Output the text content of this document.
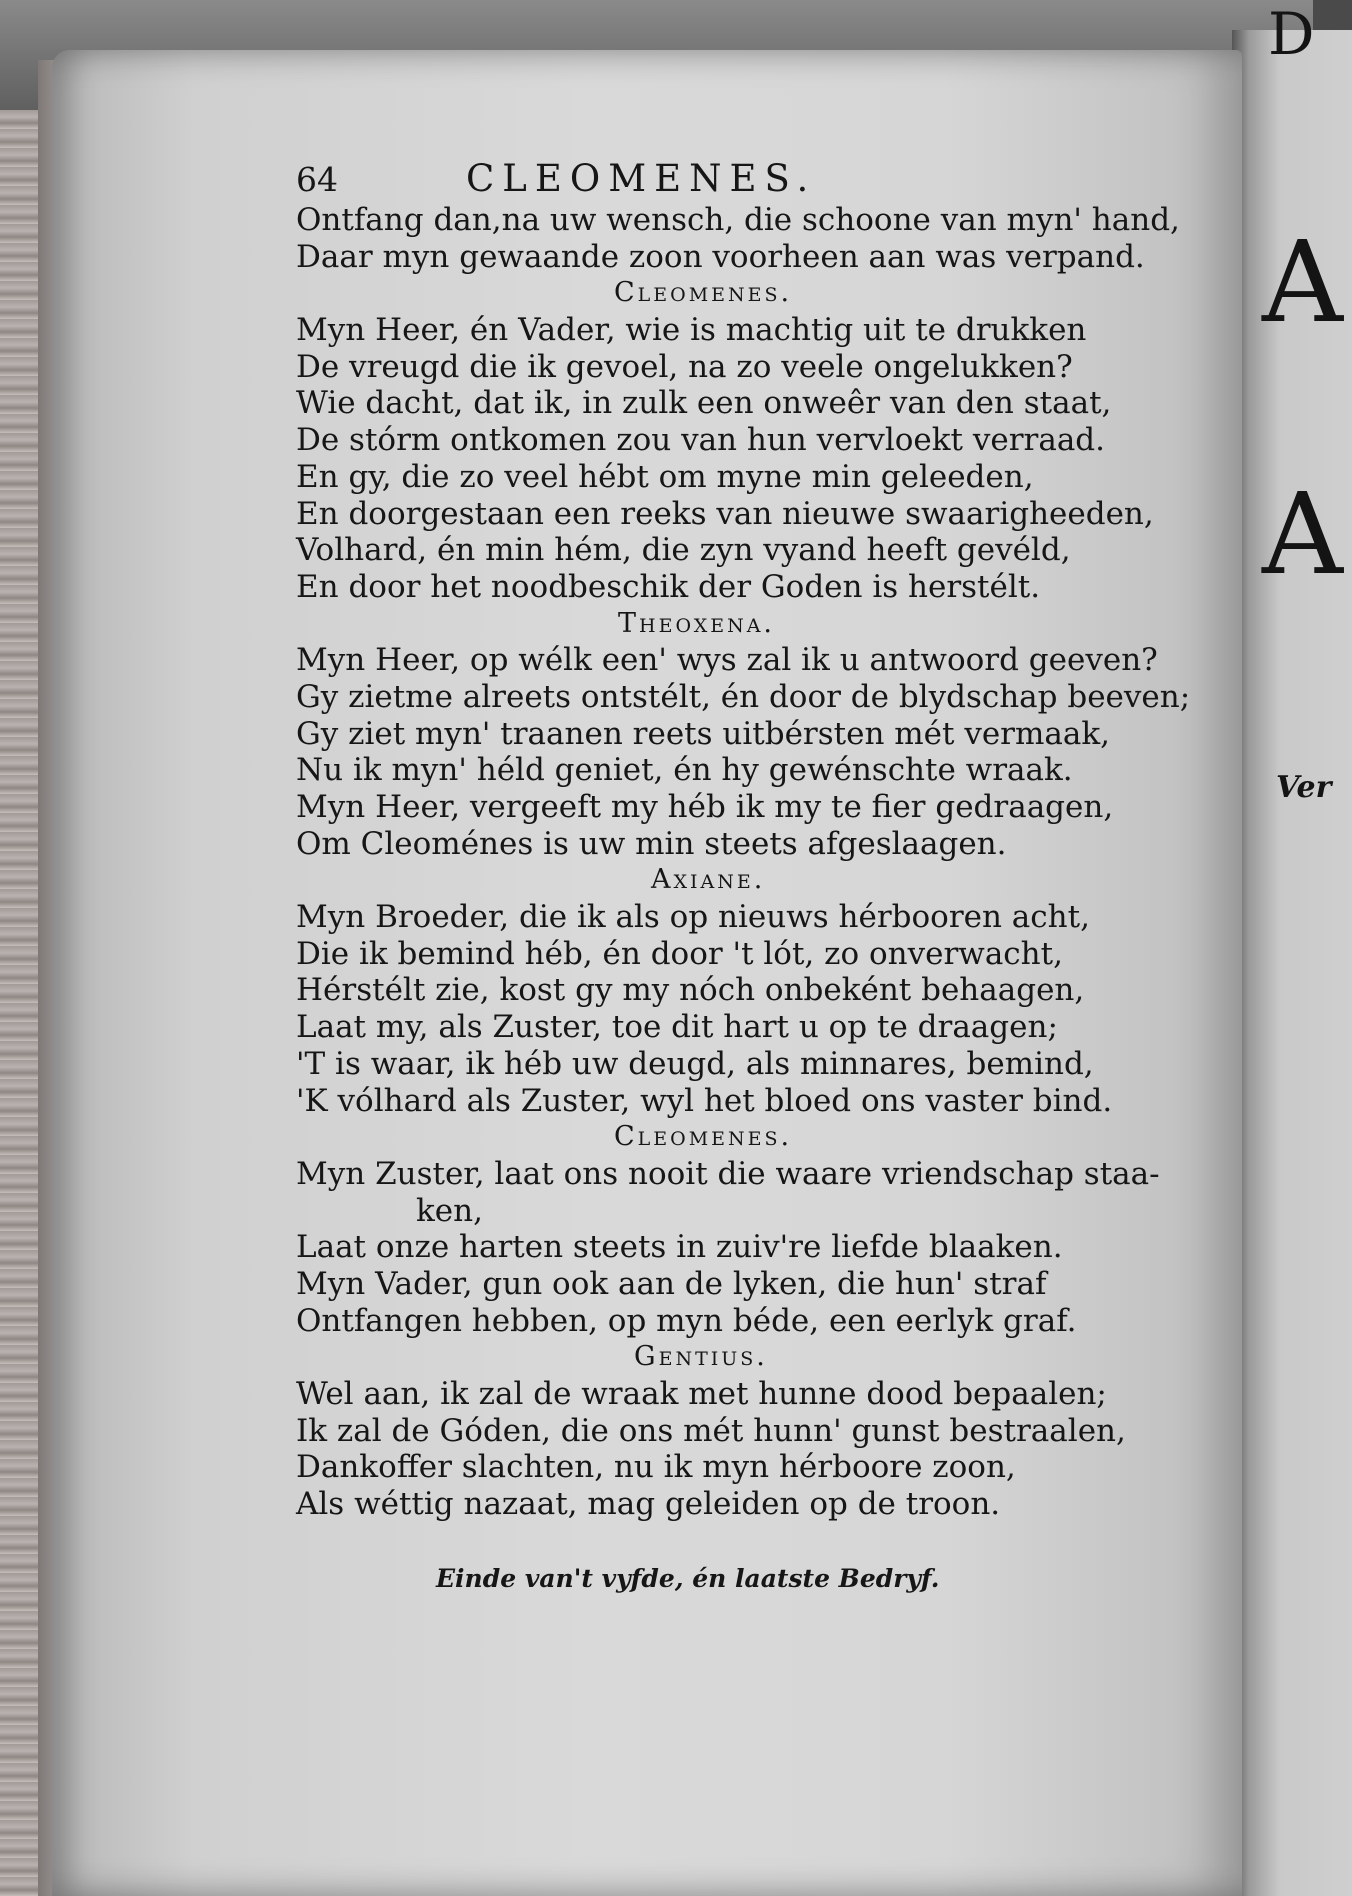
D
A
A
Ver
64	CLEOMENES.
Ontfang dan,na uw wensch, die schoone van myn' hand,
Daar myn gewaande zoon voorheen aan was verpand.
Cleomenes.
Myn Heer, én Vader, wie is machtig uit te drukken
De vreugd die ik gevoel, na zo veele ongelukken?
Wie dacht, dat ik, in zulk een onweêr van den staat,
De stórm ontkomen zou van hun vervloekt verraad.
En gy, die zo veel hébt om myne min geleeden,
En doorgestaan een reeks van nieuwe swaarigheeden,
Volhard, én min hém, die zyn vyand heeft gevéld,
En door het noodbeschik der Goden is herstélt.
Theoxena.
Myn Heer, op wélk een' wys zal ik u antwoord geeven?
Gy zietme alreets ontstélt, én door de blydschap beeven;
Gy ziet myn' traanen reets uitbérsten mét vermaak,
Nu ik myn' héld geniet, én hy gewénschte wraak.
Myn Heer, vergeeft my héb ik my te fier gedraagen,
Om Cleoménes is uw min steets afgeslaagen.
Axiane.
Myn Broeder, die ik als op nieuws hérbooren acht,
Die ik bemind héb, én door 't lót, zo onverwacht,
Hérstélt zie, kost gy my nóch onbeként behaagen,
Laat my, als Zuster, toe dit hart u op te draagen;
'T is waar, ik héb uw deugd, als minnares, bemind,
'K vólhard als Zuster, wyl het bloed ons vaster bind.
Cleomenes.
Myn Zuster, laat ons nooit die waare vriendschap staa-
ken,
Laat onze harten steets in zuiv're liefde blaaken.
Myn Vader, gun ook aan de lyken, die hun' straf
Ontfangen hebben, op myn béde, een eerlyk graf.
Gentius.
Wel aan, ik zal de wraak met hunne dood bepaalen;
Ik zal de Góden, die ons mét hunn' gunst bestraalen,
Dankoffer slachten, nu ik myn hérboore zoon,
Als wéttig nazaat, mag geleiden op de troon.
Einde van't vyfde, én laatste Bedryf.
